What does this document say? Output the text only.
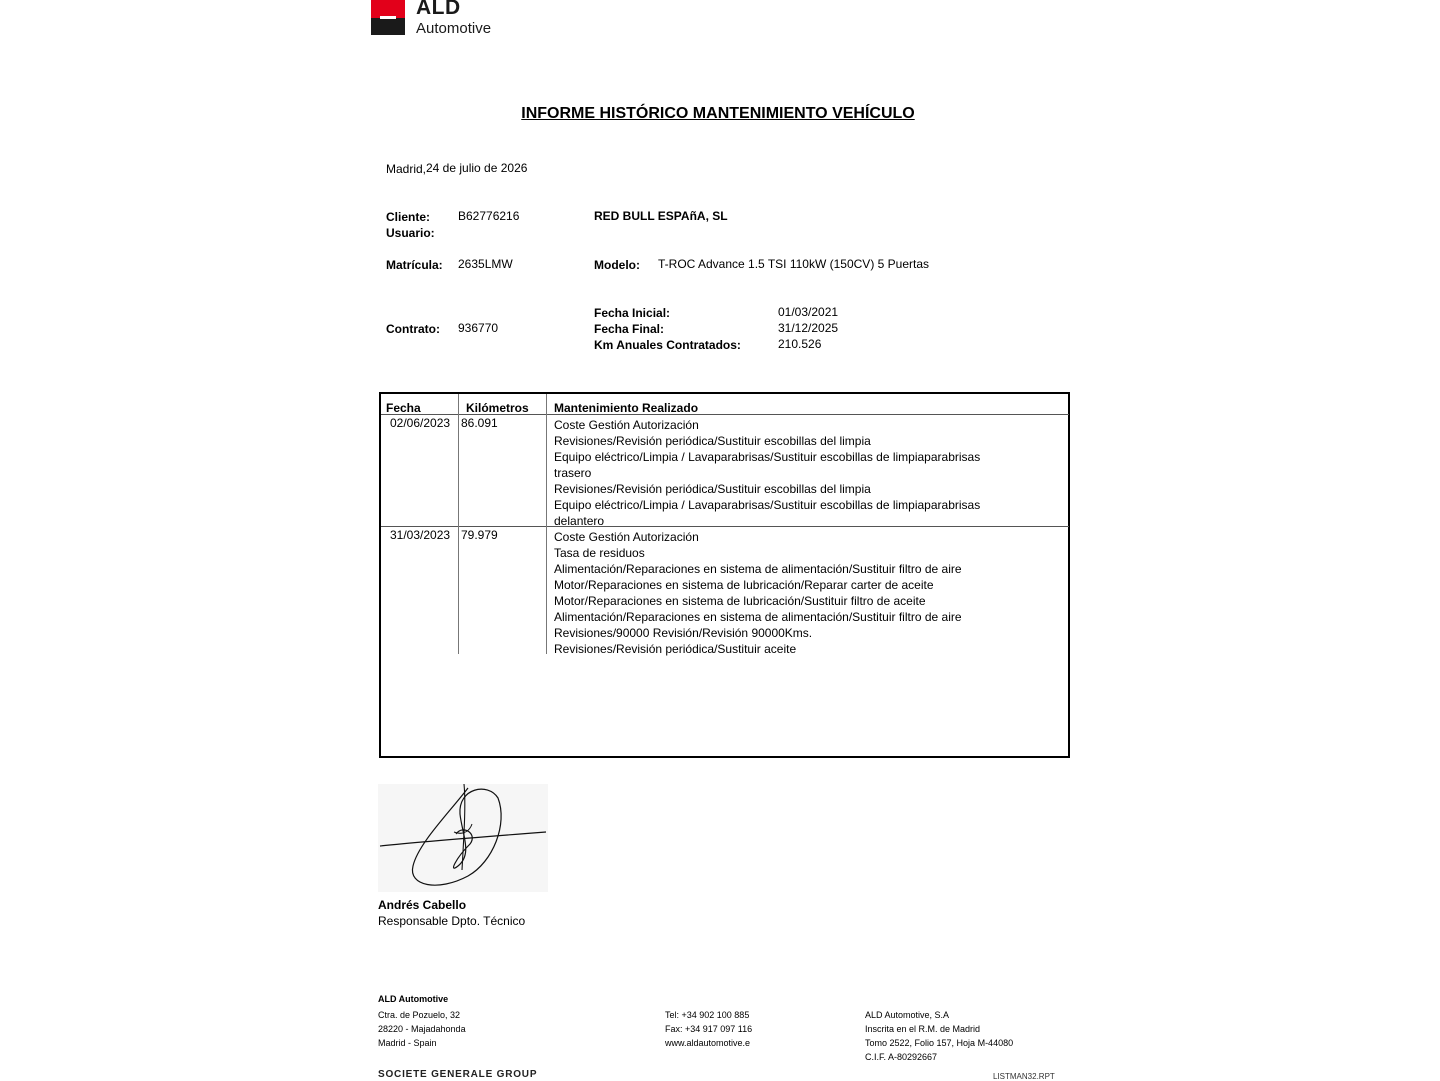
ALD
Automotive
INFORME HISTÓRICO MANTENIMIENTO VEHÍCULO
Madrid, 24 de julio de 2026
Cliente: B62776216	RED BULL ESPAñA, SL
Usuario:
Matrícula: 2635LMW	Modelo: T-ROC Advance 1.5 TSI 110kW (150CV) 5 Puertas
Fecha Inicial:	01/03/2021
Contrato: 936770	Fecha Final:	31/12/2025
Km Anuales Contratados:	210.526
Fecha	Kilómetros Mantenimiento Realizado
02/06/2023 86.091	Coste Gestión Autorización
Revisiones/Revisión periódica/Sustituir escobillas del limpia
Equipo eléctrico/Limpia / Lavaparabrisas/Sustituir escobillas de limpiaparabrisas
trasero
Revisiones/Revisión periódica/Sustituir escobillas del limpia
Equipo eléctrico/Limpia / Lavaparabrisas/Sustituir escobillas de limpiaparabrisas
delantero
31/03/2023 79.979	Coste Gestión Autorización
Tasa de residuos
Alimentación/Reparaciones en sistema de alimentación/Sustituir filtro de aire
Motor/Reparaciones en sistema de lubricación/Reparar carter de aceite
Motor/Reparaciones en sistema de lubricación/Sustituir filtro de aceite
Alimentación/Reparaciones en sistema de alimentación/Sustituir filtro de aire
Revisiones/90000 Revisión/Revisión 90000Kms.
Revisiones/Revisión periódica/Sustituir aceite
Andrés Cabello
Responsable Dpto. Técnico
ALD Automotive
Ctra. de Pozuelo, 32
28220 - Majadahonda
Madrid - Spain
Tel: +34 902 100 885
Fax: +34 917 097 116
www.aldautomotive.e
ALD Automotive, S.A
Inscrita en el R.M. de Madrid
Tomo 2522, Folio 157, Hoja M-44080
C.I.F. A-80292667
SOCIETE GENERALE GROUP	LISTMAN32.RPT
